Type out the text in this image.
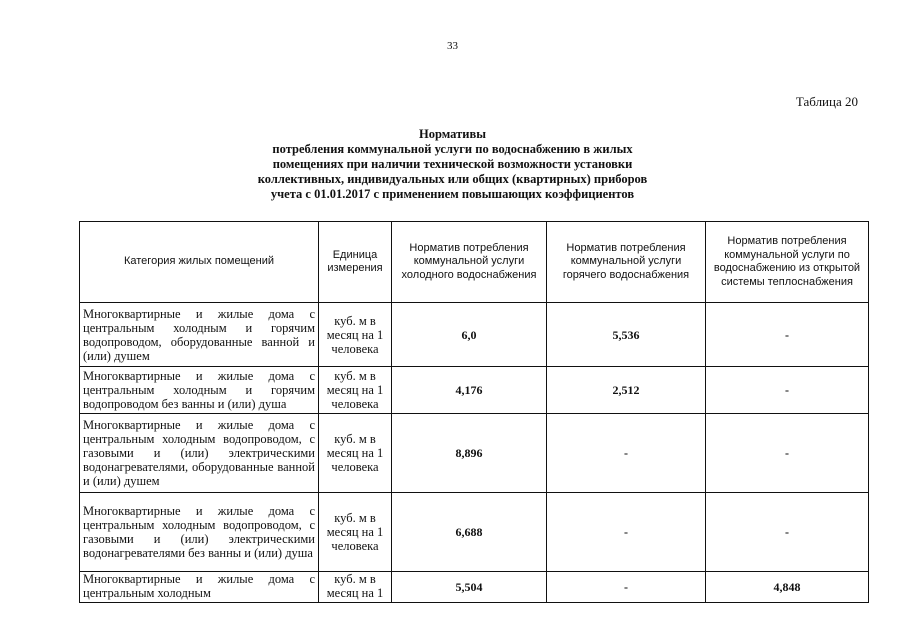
33
Таблица 20
Нормативы
потребления коммунальной услуги по водоснабжению в жилых
помещениях при наличии технической возможности установки
коллективных, индивидуальных или общих (квартирных) приборов
учета с 01.01.2017 с применением повышающих коэффициентов
Категория жилых помещений	Единица измерения	Норматив потребления коммунальной услуги холодного водоснабжения	Норматив потребления коммунальной услуги горячего водоснабжения	Норматив потребления коммунальной услуги по водоснабжению из открытой системы теплоснабжения
Многоквартирные и жилые дома с центральным холодным и горячим водопроводом, оборудованные ванной и (или) душем	куб. м в месяц на 1 человека	6,0	5,536	-
Многоквартирные и жилые дома с центральным холодным и горячим водопроводом без ванны и (или) душа	куб. м в месяц на 1 человека	4,176	2,512	-
Многоквартирные и жилые дома с центральным холодным водопроводом, с газовыми и (или) электрическими водонагревателями, оборудованные ванной и (или) душем	куб. м в месяц на 1 человека	8,896	-	-
Многоквартирные и жилые дома с центральным холодным водопроводом, с газовыми и (или) электрическими водонагревателями без ванны и (или) душа	куб. м в месяц на 1 человека	6,688	-	-
Многоквартирные и жилые дома с центральным холодным	куб. м в месяц на 1	5,504	-	4,848
